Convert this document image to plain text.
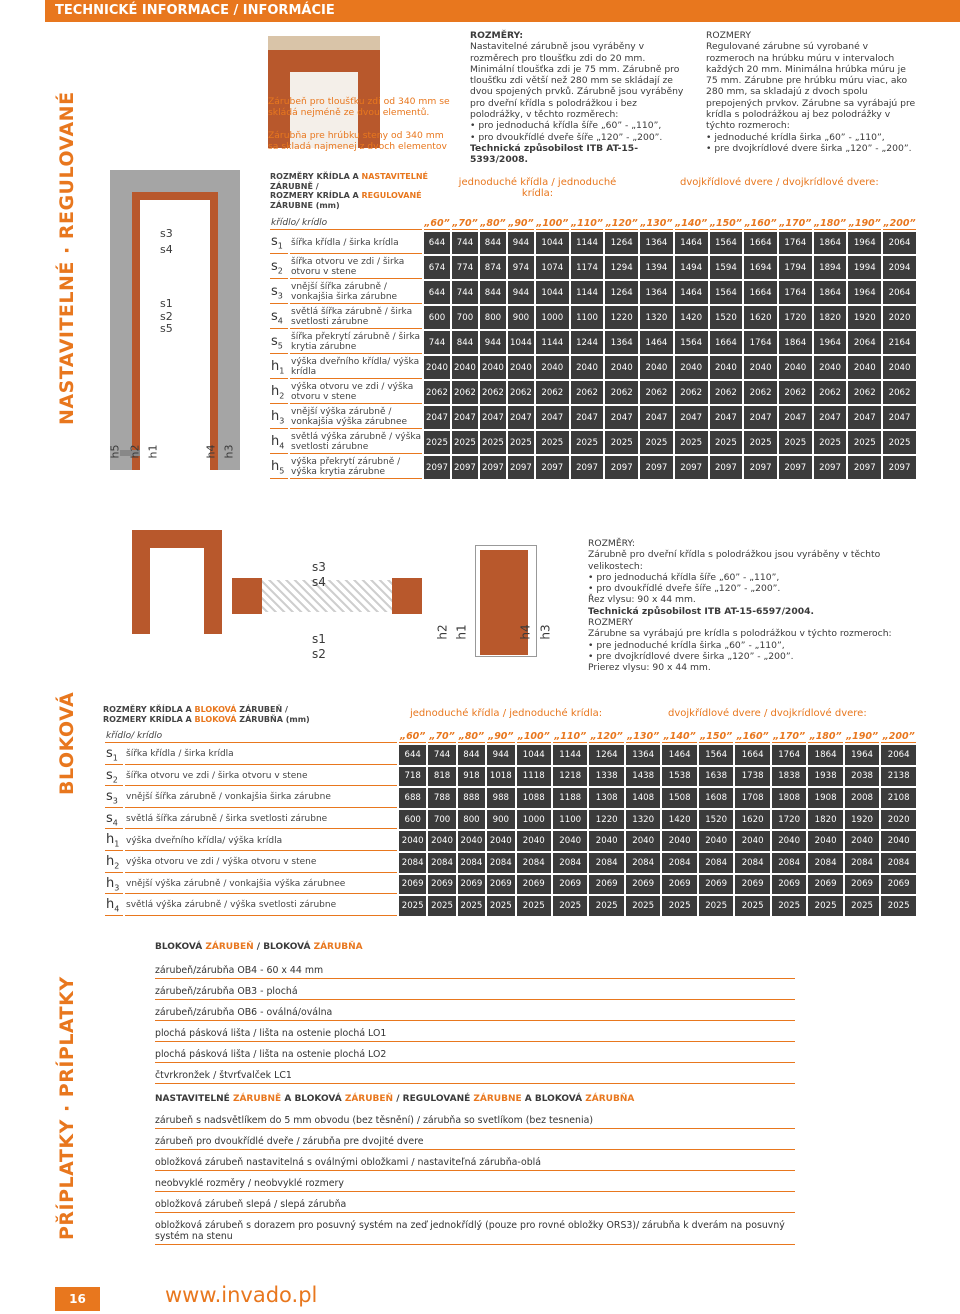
TECHNICKÉ INFORMACE / INFORMÁCIE
NASTAVITELNÉ · REGULOVANÉ
BLOKOVÁ
PŘÍPLATKY · PRÍPLATKY
Zárubeň pro tloušťku zdi od 340 mm se skládá nejméně ze dvou elementů.
Zárubňa pre hrúbku steny od 340 mm sa skladá najmenej z dvoch elementov
s3
s4
s1
s2
s5
h5 h2 h1	h4 h3
ROZMĚRY KŘÍDLA A NASTAVITELNÉ
ZÁRUBNĚ /
ROZMERY KRÍDLA A REGULOVANÉ
ZÁRUBNE (mm)
ROZMĚRY:
Nastavitelné zárubně jsou vyráběny v rozměrech pro tloušťku zdi do 20 mm. Minimální tloušťka zdi je 75 mm. Zárubně pro tloušťku zdi větší než 280 mm se skládají ze dvou spojených prvků. Zárubně jsou vyráběny pro dveřní křídla s polodrážkou i bez polodrážky, v těchto rozměrech:
• pro jednoduchá křídla šíře „60” - „110”,
• pro dvoukřídlé dveře šíře „120” - „200”.
Technická způsobilost ITB AT-15-5393/2008.
ROZMERY
Regulované zárubne sú vyrobané v rozmeroch na hrúbku múru v intervaloch každých 20 mm. Minimálna hrúbka múru je 75 mm. Zárubne pre hrúbku múru viac, ako 280 mm, sa skladajú z dvoch spolu prepojených prvkov. Zárubne sa vyrábajú pre krídla s polodrážkou aj bez polodrážky v týchto rozmeroch:
• jednoduché krídla širka „60” - „110”,
• pre dvojkrídlové dvere širka „120” - „200”.
jednoduché křídla / jednoduché krídla:
dvojkřídlové dvere / dvojkrídlové dvere:
křídlo/ krídlo		„60”	„70”	„80”	„90”	„100”	„110”	„120”	„130”	„140”	„150”	„160”	„170”	„180”	„190”	„200”
$s_1$	šířka křídla / širka krídla	644	744	844	944	1044	1144	1264	1364	1464	1564	1664	1764	1864	1964	2064
$s_2$	šířka otvoru ve zdi / širka otvoru v stene	674	774	874	974	1074	1174	1294	1394	1494	1594	1694	1794	1894	1994	2094
$s_3$	vnější šířka zárubně / vonkajšia širka zárubne	644	744	844	944	1044	1144	1264	1364	1464	1564	1664	1764	1864	1964	2064
$s_4$	světlá šířka zárubně / širka svetlosti zárubne	600	700	800	900	1000	1100	1220	1320	1420	1520	1620	1720	1820	1920	2020
$s_5$	šířka překrytí zárubně / širka krytia zárubne	744	844	944	1044	1144	1244	1364	1464	1564	1664	1764	1864	1964	2064	2164
$h_1$	výška dveřního křídla/ výška krídla	2040	2040	2040	2040	2040	2040	2040	2040	2040	2040	2040	2040	2040	2040	2040
$h_2$	výška otvoru ve zdi / výška otvoru v stene	2062	2062	2062	2062	2062	2062	2062	2062	2062	2062	2062	2062	2062	2062	2062
$h_3$	vnější výška zárubně / vonkajšia výška zárubnee	2047	2047	2047	2047	2047	2047	2047	2047	2047	2047	2047	2047	2047	2047	2047
$h_4$	světlá výška zárubně / výška svetlosti zárubne	2025	2025	2025	2025	2025	2025	2025	2025	2025	2025	2025	2025	2025	2025	2025
$h_5$	výška překrytí zárubně / výška krytia zárubne	2097	2097	2097	2097	2097	2097	2097	2097	2097	2097	2097	2097	2097	2097	2097
s3
s4
s1
s2
h2 h1	h4 h3
ROZMĚRY:
Zárubně pro dveřní křídla s polodrážkou jsou vyráběny v těchto velikostech:
• pro jednoduchá křídla šíře „60” - „110”,
• pro dvoukřídlé dveře šíře „120” - „200”.
Řez vlysu: 90 x 44 mm.
Technická způsobilost ITB AT-15-6597/2004.
ROZMERY
Zárubne sa vyrábajú pre krídla s polodrážkou v týchto rozmeroch:
• pre jednoduché krídla širka „60” - „110”,
• pre dvojkrídlové dvere širka „120” - „200”.
Prierez vlysu: 90 x 44 mm.
ROZMĚRY KŘÍDLA A BLOKOVÁ ZÁRUBEŇ /
ROZMERY KRÍDLA A BLOKOVÁ ZÁRUBŇA (mm)	jednoduché křídla / jednoduché krídla:	dvojkřídlové dvere / dvojkrídlové dvere:
křídlo/ krídlo		„60”	„70”	„80”	„90”	„100”	„110”	„120”	„130”	„140”	„150”	„160”	„170”	„180”	„190”	„200”
$s_1$	šířka křídla / širka krídla	644	744	844	944	1044	1144	1264	1364	1464	1564	1664	1764	1864	1964	2064
$s_2$	šířka otvoru ve zdi / širka otvoru v stene	718	818	918	1018	1118	1218	1338	1438	1538	1638	1738	1838	1938	2038	2138
$s_3$	vnější šířka zárubně / vonkajšia širka zárubne	688	788	888	988	1088	1188	1308	1408	1508	1608	1708	1808	1908	2008	2108
$s_4$	světlá šířka zárubně / širka svetlosti zárubne	600	700	800	900	1000	1100	1220	1320	1420	1520	1620	1720	1820	1920	2020
$h_1$	výška dveřního křídla/ výška krídla	2040	2040	2040	2040	2040	2040	2040	2040	2040	2040	2040	2040	2040	2040	2040
$h_2$	výška otvoru ve zdi / výška otvoru v stene	2084	2084	2084	2084	2084	2084	2084	2084	2084	2084	2084	2084	2084	2084	2084
$h_3$	vnější výška zárubně / vonkajšia výška zárubnee	2069	2069	2069	2069	2069	2069	2069	2069	2069	2069	2069	2069	2069	2069	2069
$h_4$	světlá výška zárubně / výška svetlosti zárubne	2025	2025	2025	2025	2025	2025	2025	2025	2025	2025	2025	2025	2025	2025	2025
BLOKOVÁ ZÁRUBEŇ / BLOKOVÁ ZÁRUBŇA
zárubeň/zárubňa OB4 - 60 x 44 mm
zárubeň/zárubňa OB3 - plochá
zárubeň/zárubňa OB6 - oválná/oválna
plochá pásková lišta / lišta na ostenie plochá LO1
plochá pásková lišta / lišta na ostenie plochá LO2
čtvrkronžek / štvrťvalček LC1
NASTAVITELNÉ ZÁRUBNĚ A BLOKOVÁ ZÁRUBEŇ / REGULOVANÉ ZÁRUBNE A BLOKOVÁ ZÁRUBŇA
zárubeň s nadsvětlíkem do 5 mm obvodu (bez těsnění) / zárubňa so svetlíkom (bez tesnenia)
zárubeň pro dvoukřídlé dveře / zárubňa pre dvojité dvere
obložková zárubeň nastavitelná s oválnými obložkami / nastaviteľná zárubňa-oblá
neobvyklé rozměry / neobvyklé rozmery
obložková zárubeň slepá / slepá zárubňa
obložková zárubeň s dorazem pro posuvný systém na zeď jednokřídlý (pouze pro rovné obložky ORS3)/ zárubňa k dverám na posuvný systém na stenu
16	www.invado.pl
